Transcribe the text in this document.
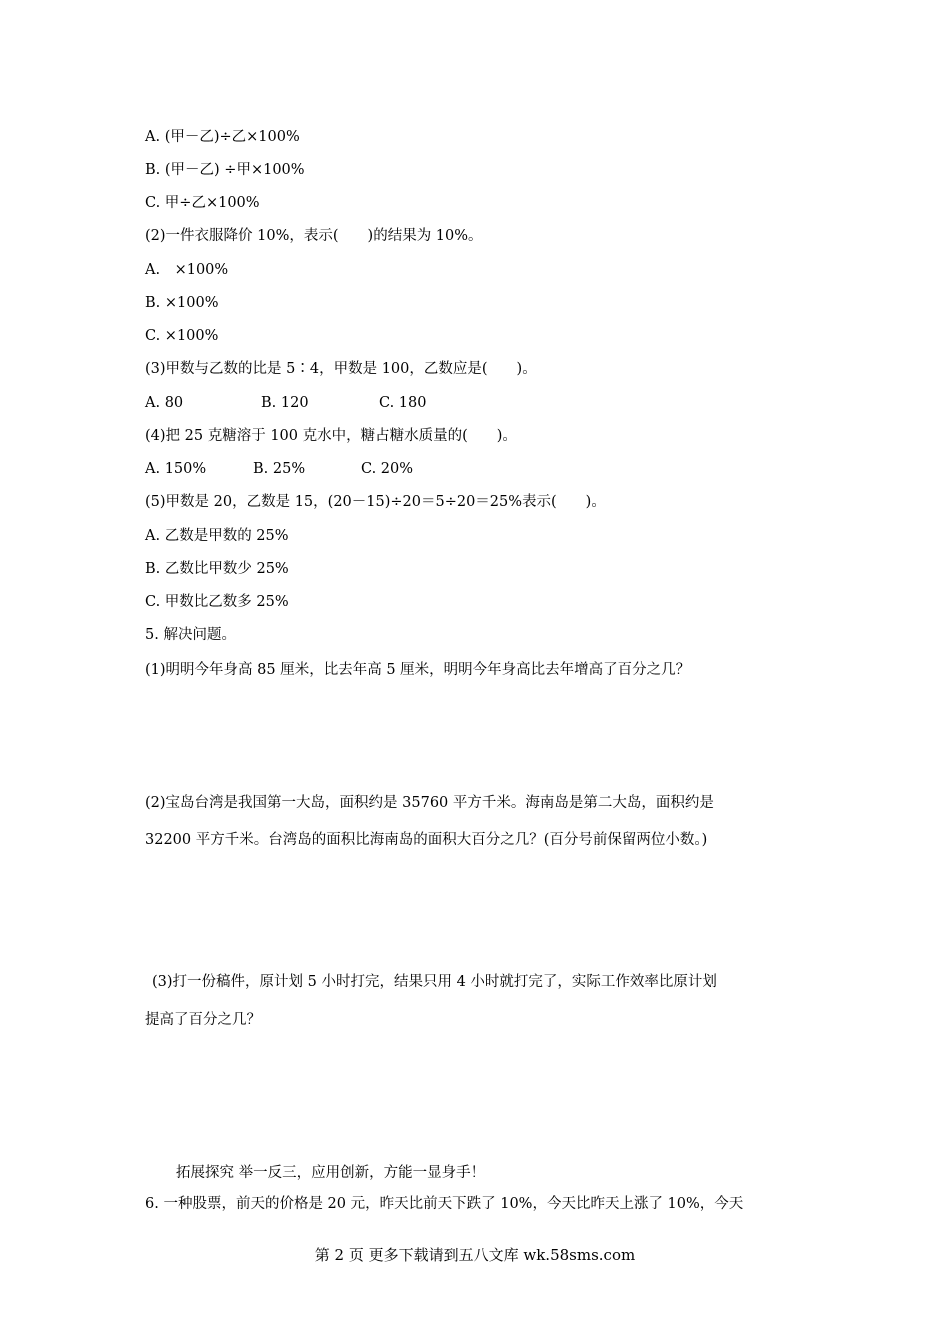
A. (甲－乙)÷乙×100%
B. (甲－乙) ÷甲×100%
C. 甲÷乙×100%
(2)一件衣服降价 10%，表示(　　)的结果为 10%。
A.　×100%
B. ×100%
C. ×100%
(3)甲数与乙数的比是 5∶4，甲数是 100，乙数应是(　　)。
A. 80	B. 120	C. 180
(4)把 25 克糖溶于 100 克水中，糖占糖水质量的(　　)。
A. 150%	B. 25%	C. 20%
(5)甲数是 20，乙数是 15，(20－15)÷20＝5÷20＝25%表示(　　)。
A. 乙数是甲数的 25%
B. 乙数比甲数少 25%
C. 甲数比乙数多 25%
5. 解决问题。
(1)明明今年身高 85 厘米，比去年高 5 厘米，明明今年身高比去年增高了百分之几？
(2)宝岛台湾是我国第一大岛，面积约是 35760 平方千米。海南岛是第二大岛，面积约是
32200 平方千米。台湾岛的面积比海南岛的面积大百分之几？(百分号前保留两位小数。)
(3)打一份稿件，原计划 5 小时打完，结果只用 4 小时就打完了，实际工作效率比原计划
提高了百分之几？
拓展探究 举一反三，应用创新，方能一显身手！
6. 一种股票，前天的价格是 20 元，昨天比前天下跌了 10%，今天比昨天上涨了 10%，今天
第 2 页 更多下载请到五八文库 wk.58sms.com
